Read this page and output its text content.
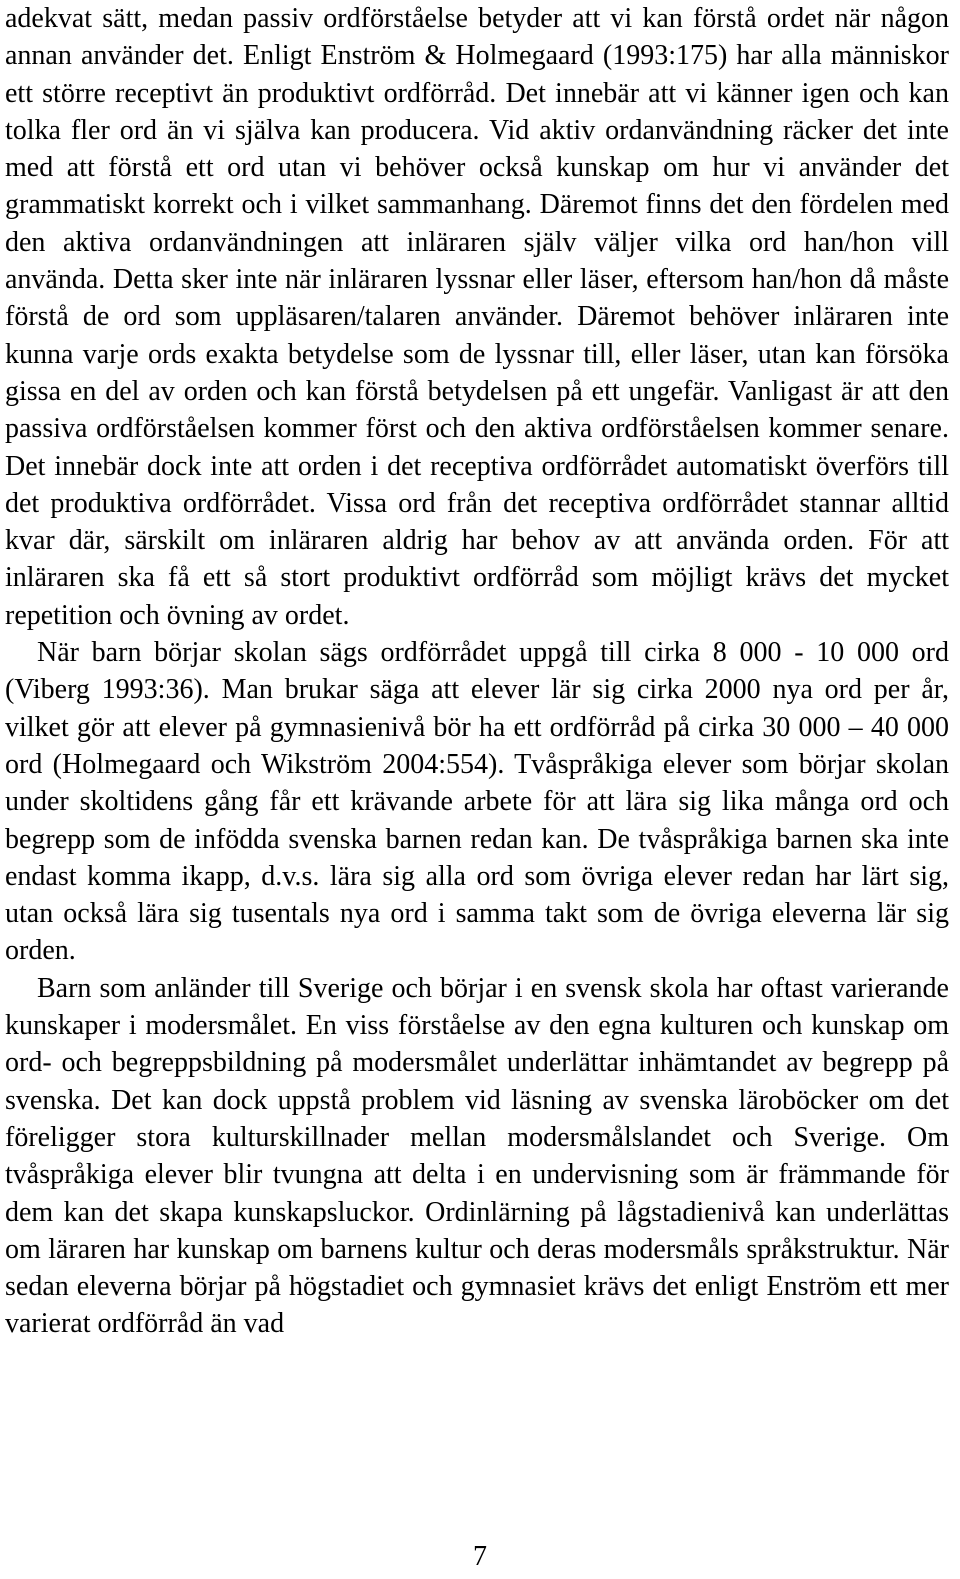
adekvat sätt, medan passiv ordförståelse betyder att vi kan förstå ordet när någon annan använder det. Enligt Enström & Holmegaard (1993:175) har alla människor ett större receptivt än produktivt ordförråd. Det innebär att vi känner igen och kan tolka fler ord än vi själva kan producera. Vid aktiv ordanvändning räcker det inte med att förstå ett ord utan vi behöver också kunskap om hur vi använder det grammatiskt korrekt och i vilket sammanhang. Däremot finns det den fördelen med den aktiva ordanvändningen att inläraren själv väljer vilka ord han/hon vill använda. Detta sker inte när inläraren lyssnar eller läser, eftersom han/hon då måste förstå de ord som uppläsaren/talaren använder. Däremot behöver inläraren inte kunna varje ords exakta betydelse som de lyssnar till, eller läser, utan kan försöka gissa en del av orden och kan förstå betydelsen på ett ungefär. Vanligast är att den passiva ordförståelsen kommer först och den aktiva ordförståelsen kommer senare. Det innebär dock inte att orden i det receptiva ordförrådet automatiskt överförs till det produktiva ordförrådet. Vissa ord från det receptiva ordförrådet stannar alltid kvar där, särskilt om inläraren aldrig har behov av att använda orden. För att inläraren ska få ett så stort produktivt ordförråd som möjligt krävs det mycket repetition och övning av ordet.

När barn börjar skolan sägs ordförrådet uppgå till cirka 8 000 - 10 000 ord (Viberg 1993:36). Man brukar säga att elever lär sig cirka 2000 nya ord per år, vilket gör att elever på gymnasienivå bör ha ett ordförråd på cirka 30 000 – 40 000 ord (Holmegaard och Wikström 2004:554). Tvåspråkiga elever som börjar skolan under skoltidens gång får ett krävande arbete för att lära sig lika många ord och begrepp som de infödda svenska barnen redan kan. De tvåspråkiga barnen ska inte endast komma ikapp, d.v.s. lära sig alla ord som övriga elever redan har lärt sig, utan också lära sig tusentals nya ord i samma takt som de övriga eleverna lär sig orden.

Barn som anländer till Sverige och börjar i en svensk skola har oftast varierande kunskaper i modersmålet. En viss förståelse av den egna kulturen och kunskap om ord- och begreppsbildning på modersmålet underlättar inhämtandet av begrepp på svenska. Det kan dock uppstå problem vid läsning av svenska läroböcker om det föreligger stora kulturskillnader mellan modersmålslandet och Sverige. Om tvåspråkiga elever blir tvungna att delta i en undervisning som är främmande för dem kan det skapa kunskapsluckor. Ordinlärning på lågstadienivå kan underlättas om läraren har kunskap om barnens kultur och deras modersmåls språkstruktur. När sedan eleverna börjar på högstadiet och gymnasiet krävs det enligt Enström ett mer varierat ordförråd än vad

7
